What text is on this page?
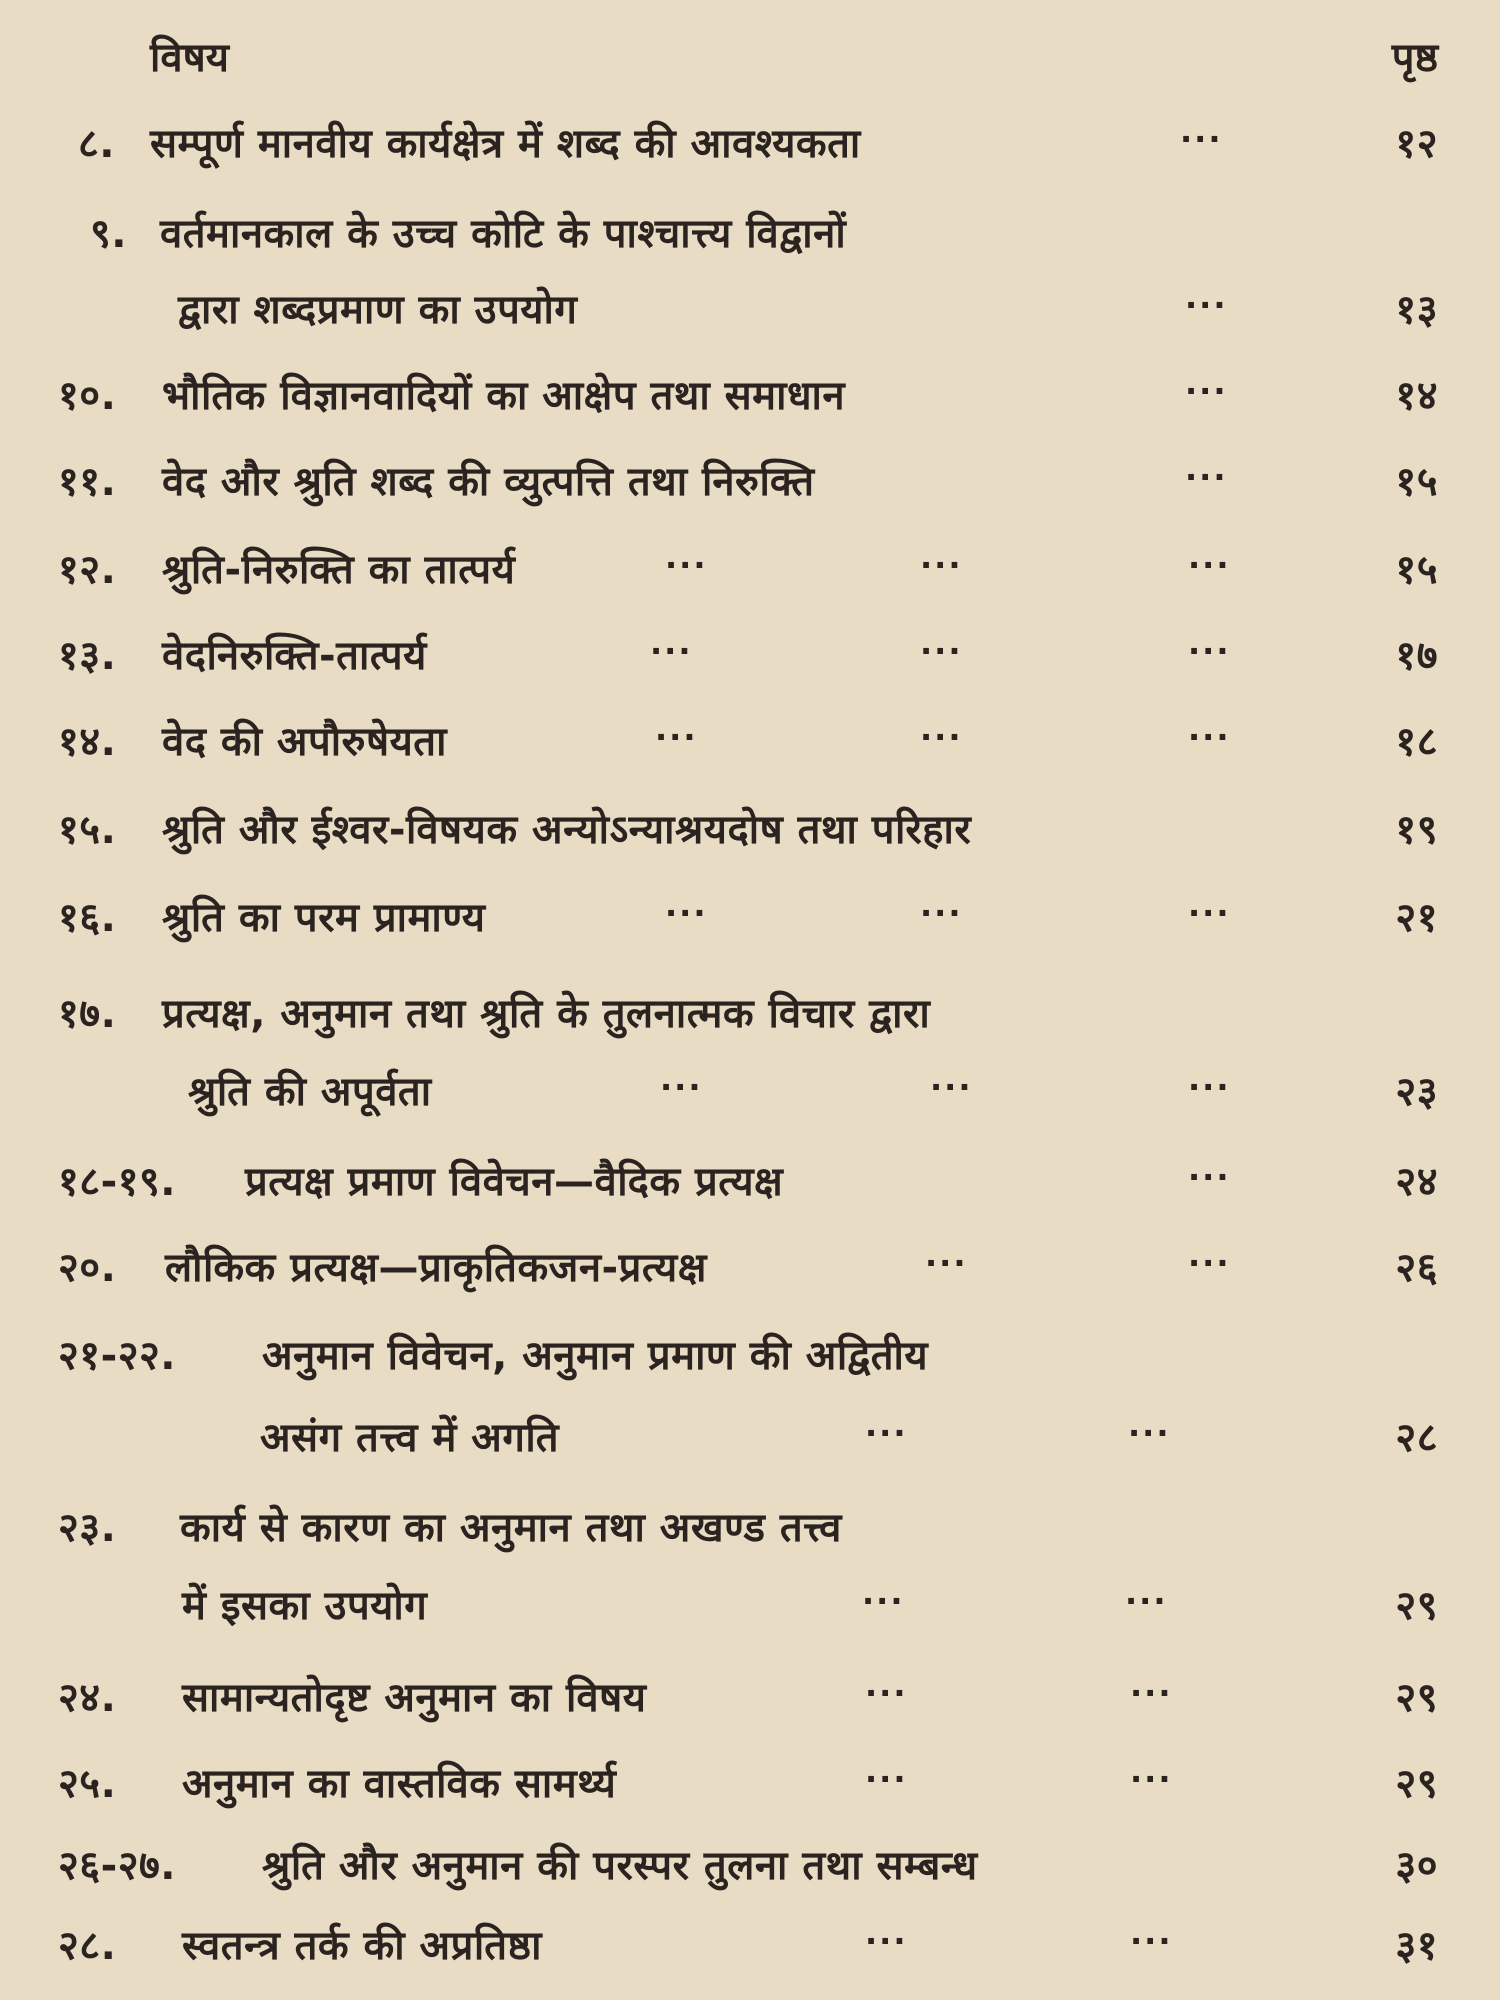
विषय	पृष्ठ
८. सम्पूर्ण मानवीय कार्यक्षेत्र में शब्द की आवश्यकता	···	१२
९. वर्तमानकाल के उच्च कोटि के पाश्चात्त्य विद्वानों
द्वारा शब्दप्रमाण का उपयोग	···	१३
१०. भौतिक विज्ञानवादियों का आक्षेप तथा समाधान	···	१४
११. वेद और श्रुति शब्द की व्युत्पत्ति तथा निरुक्ति	···	१५
१२. श्रुति-निरुक्ति का तात्पर्य	···	···	···	१५
१३. वेदनिरुक्ति-तात्पर्य	···	···	···	१७
१४. वेद की अपौरुषेयता	···	···	···	१८
१५. श्रुति और ईश्वर-विषयक अन्योऽन्याश्रयदोष तथा परिहार	१९
१६. श्रुति का परम प्रामाण्य	···	···	···	२१
१७. प्रत्यक्ष, अनुमान तथा श्रुति के तुलनात्मक विचार द्वारा
श्रुति की अपूर्वता	···	···	···	२३
१८-१९. प्रत्यक्ष प्रमाण विवेचन—वैदिक प्रत्यक्ष	···	२४
२०. लौकिक प्रत्यक्ष—प्राकृतिकजन-प्रत्यक्ष	···	···	२६
२१-२२. अनुमान विवेचन, अनुमान प्रमाण की अद्वितीय
असंग तत्त्व में अगति	···	···	२८
२३. कार्य से कारण का अनुमान तथा अखण्ड तत्त्व
में इसका उपयोग	···	···	२९
२४. सामान्यतोदृष्ट अनुमान का विषय	···	···	२९
२५. अनुमान का वास्तविक सामर्थ्य	···	···	२९
२६-२७. श्रुति और अनुमान की परस्पर तुलना तथा सम्बन्ध	३०
२८. स्वतन्त्र तर्क की अप्रतिष्ठा	···	···	३१
